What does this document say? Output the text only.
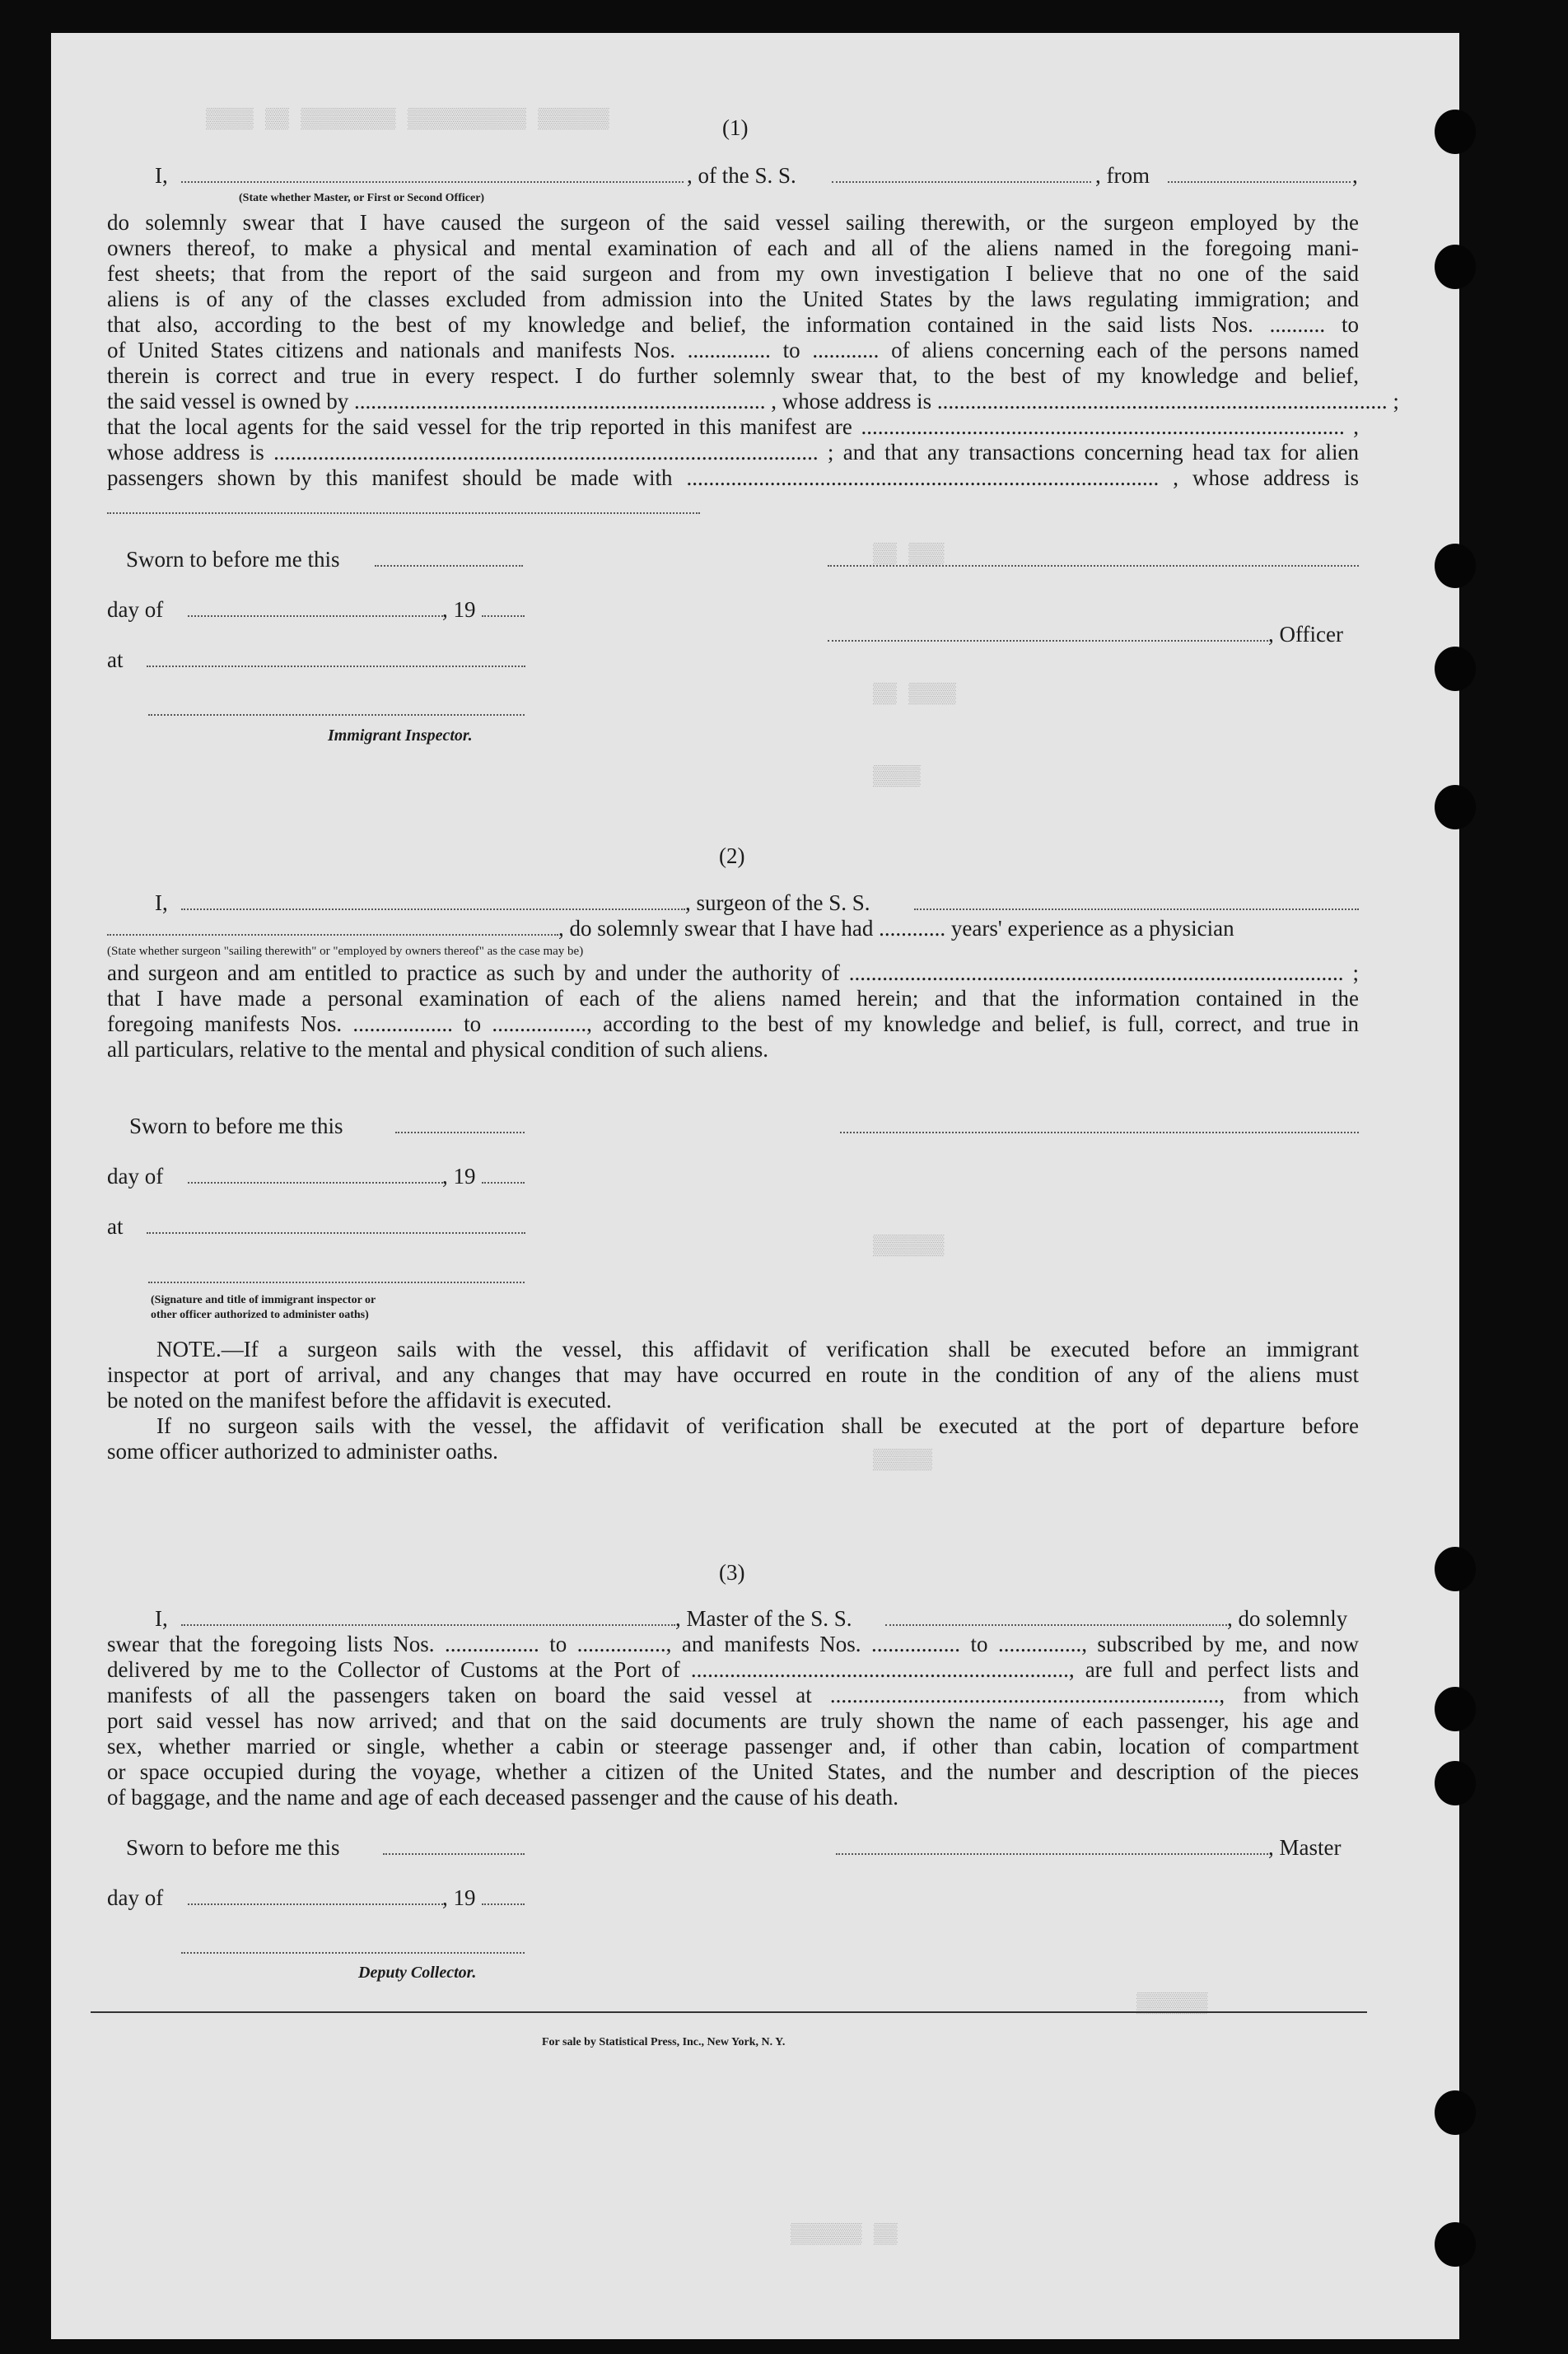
▒▒▒▒ ▒▒ ▒▒▒▒▒▒▒▒ ▒▒▒▒▒▒▒▒▒▒ ▒▒▒▒▒▒
▒▒ ▒▒▒
▒▒ ▒▒▒▒
▒▒▒▒
▒▒▒▒▒▒
▒▒▒▒▒
▒▒▒▒▒▒
▒▒▒▒▒▒ ▒▒
(1)
I,	, of the S. S.	, from	,
(State whether Master, or First or Second Officer)
do solemnly swear that I have caused the surgeon of the said vessel sailing therewith, or the surgeon employed by the
owners thereof, to make a physical and mental examination of each and all of the aliens named in the foregoing mani-
fest sheets; that from the report of the said surgeon and from my own investigation I believe that no one of the said
aliens is of any of the classes excluded from admission into the United States by the laws regulating immigration; and
that also, according to the best of my knowledge and belief, the information contained in the said lists Nos. .......... to
of United States citizens and nationals and manifests Nos. ............... to ............ of aliens concerning each of the persons named
therein is correct and true in every respect. I do further solemnly swear that, to the best of my knowledge and belief,
the said vessel is owned by .......................................................................... , whose address is ................................................................................. ;
that the local agents for the said vessel for the trip reported in this manifest are ....................................................................................... ,
whose address is .................................................................................................. ; and that any transactions concerning head tax for alien
passengers shown by this manifest should be made with ..................................................................................... , whose address is
Sworn to before me this
day of	, 19
, Officer
at
Immigrant Inspector.
(2)
I,	, surgeon of the S. S.
, do solemnly swear that I have had ............ years' experience as a physician
(State whether surgeon "sailing therewith" or "employed by owners thereof" as the case may be)
and surgeon and am entitled to practice as such by and under the authority of ......................................................................................... ;
that I have made a personal examination of each of the aliens named herein; and that the information contained in the
foregoing manifests Nos. .................. to ................., according to the best of my knowledge and belief, is full, correct, and true in
all particulars, relative to the mental and physical condition of such aliens.
Sworn to before me this
day of	, 19
at
(Signature and title of immigrant inspector or
other officer authorized to administer oaths)
NOTE.—If a surgeon sails with the vessel, this affidavit of verification shall be executed before an immigrant
inspector at port of arrival, and any changes that may have occurred en route in the condition of any of the aliens must
be noted on the manifest before the affidavit is executed.
If no surgeon sails with the vessel, the affidavit of verification shall be executed at the port of departure before
some officer authorized to administer oaths.
(3)
I,	, Master of the S. S.	, do solemnly
swear that the foregoing lists Nos. ................. to ................, and manifests Nos. ................ to ..............., subscribed by me, and now
delivered by me to the Collector of Customs at the Port of ...................................................................., are full and perfect lists and
manifests of all the passengers taken on board the said vessel at ......................................................................, from which
port said vessel has now arrived; and that on the said documents are truly shown the name of each passenger, his age and
sex, whether married or single, whether a cabin or steerage passenger and, if other than cabin, location of compartment
or space occupied during the voyage, whether a citizen of the United States, and the number and description of the pieces
of baggage, and the name and age of each deceased passenger and the cause of his death.
Sworn to before me this	, Master
day of	, 19
Deputy Collector.
For sale by Statistical Press, Inc., New York, N. Y.
